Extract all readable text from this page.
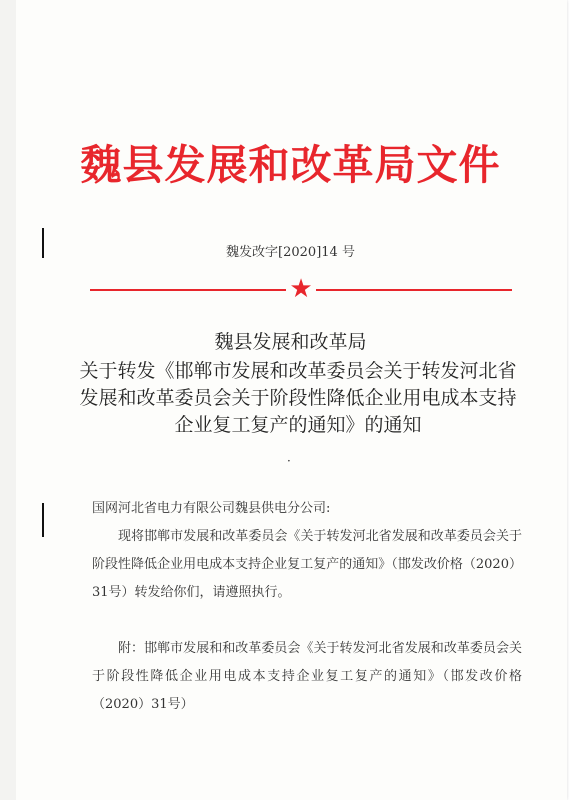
魏县发展和改革局文件
魏发改字[2020]14 号
★
魏县发展和改革局
关于转发《邯郸市发展和改革委员会关于转发河北省发展和改革委员会关于阶段性降低企业用电成本支持企业复工复产的通知》的通知
·
国网河北省电力有限公司魏县供电分公司:
现将邯郸市发展和改革委员会《关于转发河北省发展和改革委员会关于阶段性降低企业用电成本支持企业复工复产的通知》（邯发改价格（2020）31号）转发给你们，请遵照执行。
附：邯郸市发展和和改革委员会《关于转发河北省发展和改革委员会关于阶段性降低企业用电成本支持企业复工复产的通知》（邯发改价格（2020）31号）
